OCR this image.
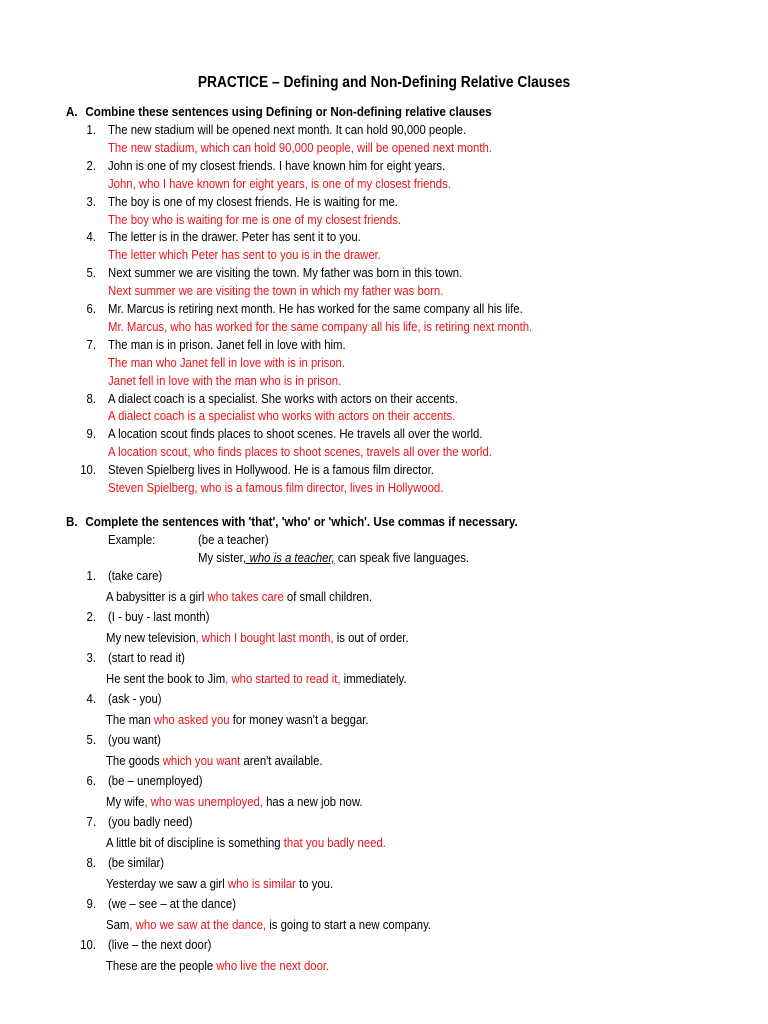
PRACTICE – Defining and Non-Defining Relative Clauses
A. Combine these sentences using Defining or Non-defining relative clauses
1. The new stadium will be opened next month. It can hold 90,000 people.
The new stadium, which can hold 90,000 people, will be opened next month.
2. John is one of my closest friends. I have known him for eight years.
John, who I have known for eight years, is one of my closest friends.
3. The boy is one of my closest friends. He is waiting for me.
The boy who is waiting for me is one of my closest friends.
4. The letter is in the drawer. Peter has sent it to you.
The letter which Peter has sent to you is in the drawer.
5. Next summer we are visiting the town. My father was born in this town.
Next summer we are visiting the town in which my father was born.
6. Mr. Marcus is retiring next month. He has worked for the same company all his life.
Mr. Marcus, who has worked for the same company all his life, is retiring next month.
7. The man is in prison. Janet fell in love with him.
The man who Janet fell in love with is in prison.
Janet fell in love with the man who is in prison.
8. A dialect coach is a specialist. She works with actors on their accents.
A dialect coach is a specialist who works with actors on their accents.
9. A location scout finds places to shoot scenes. He travels all over the world.
A location scout, who finds places to shoot scenes, travels all over the world.
10. Steven Spielberg lives in Hollywood. He is a famous film director.
Steven Spielberg, who is a famous film director, lives in Hollywood.
B. Complete the sentences with 'that', 'who' or 'which'. Use commas if necessary.
Example:	(be a teacher)
My sister, who is a teacher, can speak five languages.
1. (take care)
A babysitter is a girl who takes care of small children.
2. (I - buy - last month)
My new television, which I bought last month, is out of order.
3. (start to read it)
He sent the book to Jim, who started to read it, immediately.
4. (ask - you)
The man who asked you for money wasn't a beggar.
5. (you want)
The goods which you want aren't available.
6. (be – unemployed)
My wife, who was unemployed, has a new job now.
7. (you badly need)
A little bit of discipline is something that you badly need.
8. (be similar)
Yesterday we saw a girl who is similar to you.
9. (we – see – at the dance)
Sam, who we saw at the dance, is going to start a new company.
10. (live – the next door)
These are the people who live the next door.
